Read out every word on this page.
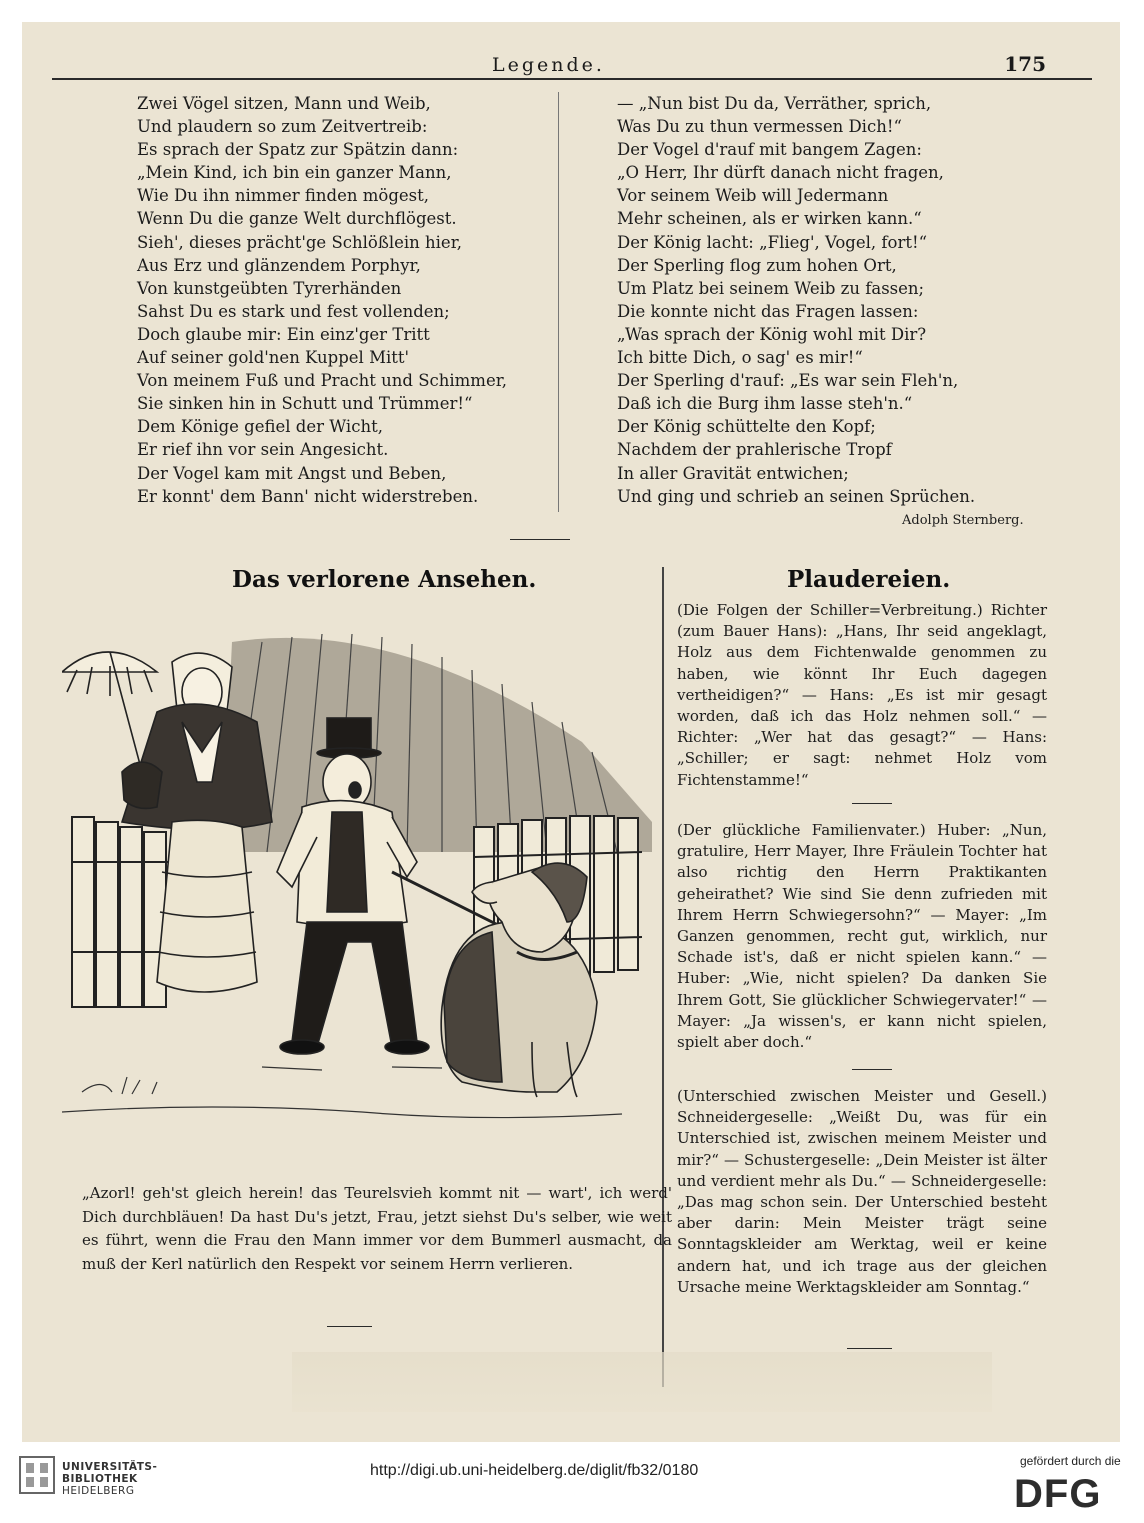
Legende.	175
Zwei Vögel sitzen, Mann und Weib,
Und plaudern so zum Zeitvertreib:
Es sprach der Spatz zur Spätzin dann:
„Mein Kind, ich bin ein ganzer Mann,
Wie Du ihn nimmer finden mögest,
Wenn Du die ganze Welt durchflögest.
Sieh', dieses prächt'ge Schlößlein hier,
Aus Erz und glänzendem Porphyr,
Von kunstgeübten Tyrerhänden
Sahst Du es stark und fest vollenden;
Doch glaube mir: Ein einz'ger Tritt
Auf seiner gold'nen Kuppel Mitt'
Von meinem Fuß und Pracht und Schimmer,
Sie sinken hin in Schutt und Trümmer!“
Dem Könige gefiel der Wicht,
Er rief ihn vor sein Angesicht.
Der Vogel kam mit Angst und Beben,
Er konnt' dem Bann' nicht widerstreben.
— „Nun bist Du da, Verräther, sprich,
Was Du zu thun vermessen Dich!“
Der Vogel d'rauf mit bangem Zagen:
„O Herr, Ihr dürft danach nicht fragen,
Vor seinem Weib will Jedermann
Mehr scheinen, als er wirken kann.“
Der König lacht: „Flieg', Vogel, fort!“
Der Sperling flog zum hohen Ort,
Um Platz bei seinem Weib zu fassen;
Die konnte nicht das Fragen lassen:
„Was sprach der König wohl mit Dir?
Ich bitte Dich, o sag' es mir!“
Der Sperling d'rauf: „Es war sein Fleh'n,
Daß ich die Burg ihm lasse steh'n.“
Der König schüttelte den Kopf;
Nachdem der prahlerische Tropf
In aller Gravität entwichen;
Und ging und schrieb an seinen Sprüchen.
Adolph Sternberg.
Das verlorene Ansehen.
„Azorl! geh'st gleich herein! das Teurelsvieh kommt nit — wart', ich werd' Dich durchbläuen! Da hast Du's jetzt, Frau, jetzt siehst Du's selber, wie weit es führt, wenn die Frau den Mann immer vor dem Bummerl ausmacht, da muß der Kerl natürlich den Respekt vor seinem Herrn verlieren.
Plaudereien.
(Die Folgen der Schiller=Verbreitung.) Richter (zum Bauer Hans): „Hans, Ihr seid angeklagt, Holz aus dem Fichtenwalde genommen zu haben, wie könnt Ihr Euch dagegen vertheidigen?“ — Hans: „Es ist mir gesagt worden, daß ich das Holz nehmen soll.“ — Richter: „Wer hat das gesagt?“ — Hans: „Schiller; er sagt: nehmet Holz vom Fichtenstamme!“
(Der glückliche Familienvater.) Huber: „Nun, gratulire, Herr Mayer, Ihre Fräulein Tochter hat also richtig den Herrn Praktikanten geheirathet? Wie sind Sie denn zufrieden mit Ihrem Herrn Schwiegersohn?“ — Mayer: „Im Ganzen genommen, recht gut, wirklich, nur Schade ist's, daß er nicht spielen kann.“ — Huber: „Wie, nicht spielen? Da danken Sie Ihrem Gott, Sie glücklicher Schwiegervater!“ — Mayer: „Ja wissen's, er kann nicht spielen, spielt aber doch.“
(Unterschied zwischen Meister und Gesell.) Schneidergeselle: „Weißt Du, was für ein Unterschied ist, zwischen meinem Meister und mir?“ — Schustergeselle: „Dein Meister ist älter und verdient mehr als Du.“ — Schneidergeselle: „Das mag schon sein. Der Unterschied besteht aber darin: Mein Meister trägt seine Sonntagskleider am Werktag, weil er keine andern hat, und ich trage aus der gleichen Ursache meine Werktagskleider am Sonntag.“
UNIVERSITÄTS-
BIBLIOTHEK
HEIDELBERG
http://digi.ub.uni-heidelberg.de/diglit/fb32/0180
gefördert durch die
DFG
